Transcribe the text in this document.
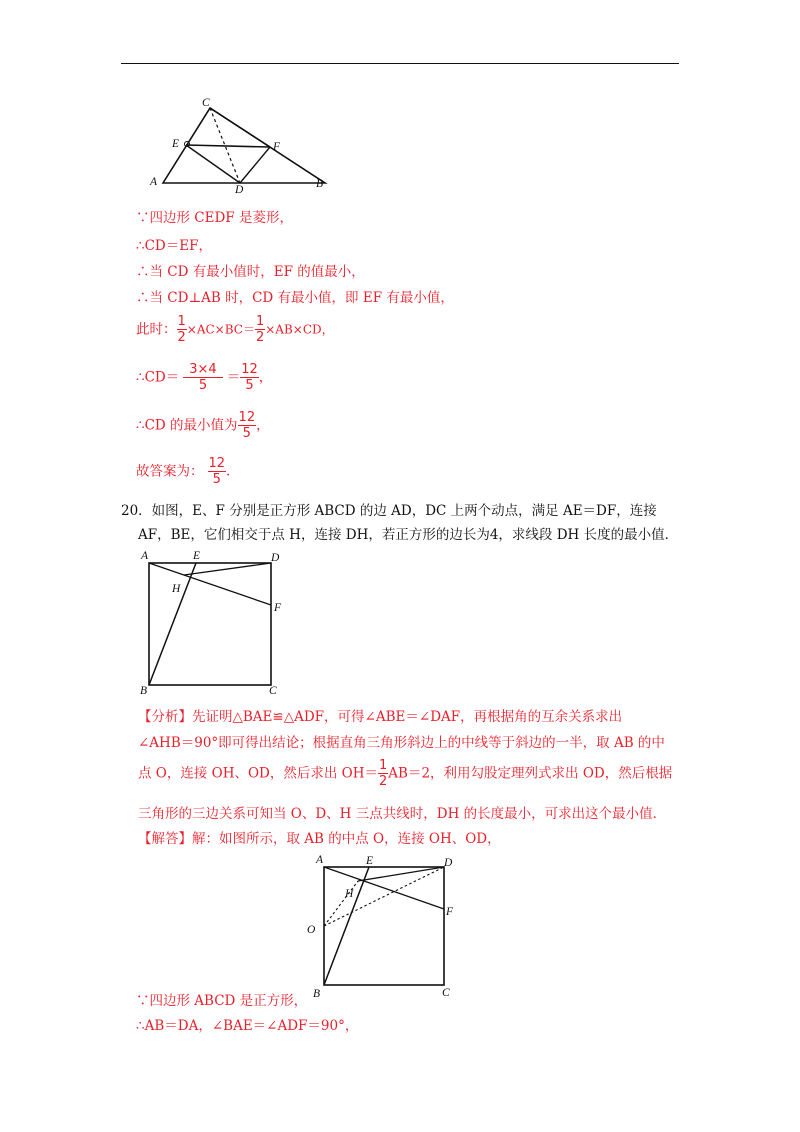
C
E	F
A
D	B
∵四边形 CEDF 是菱形，
∴CD＝EF，
∴当 CD 有最小值时，EF 的值最小，
∴当 CD⊥AB 时，CD 有最小值，即 EF 有最小值，
此时： $\frac{1}{2} \times AC\times BC= \frac{1}{2} \times AB\times CD$，
∴CD＝ $\frac{3\times 4}{5} = \frac{12}{5}$ ，
∴CD 的最小值为 $\frac{12}{5}$ ，
故答案为： $\frac{12}{5}$ .
20．如图，E、F 分别是正方形 ABCD 的边 AD，DC 上两个动点，满足 AE＝DF，连接
AF，BE，它们相交于点 H，连接 DH，若正方形的边长为4，求线段 DH 长度的最小值．
A	E	D
H
F
B	C
【分析】先证明△BAE≌△ADF，可得∠ABE＝∠DAF，再根据角的互余关系求出
∠AHB＝90°即可得出结论；根据直角三角形斜边上的中线等于斜边的一半，取 AB 的中
点 O，连接 OH、OD，然后求出 $OH= \frac{1}{2} AB=2$，利用勾股定理列式求出 OD，然后根据
三角形的三边关系可知当 O、D、H 三点共线时，DH 的长度最小，可求出这个最小值．
【解答】解：如图所示，取 AB 的中点 O，连接 OH、OD，
A	E	D
H
O
F
B	C
∵四边形 ABCD 是正方形，
∴AB＝DA，∠BAE＝∠ADF＝90°，
